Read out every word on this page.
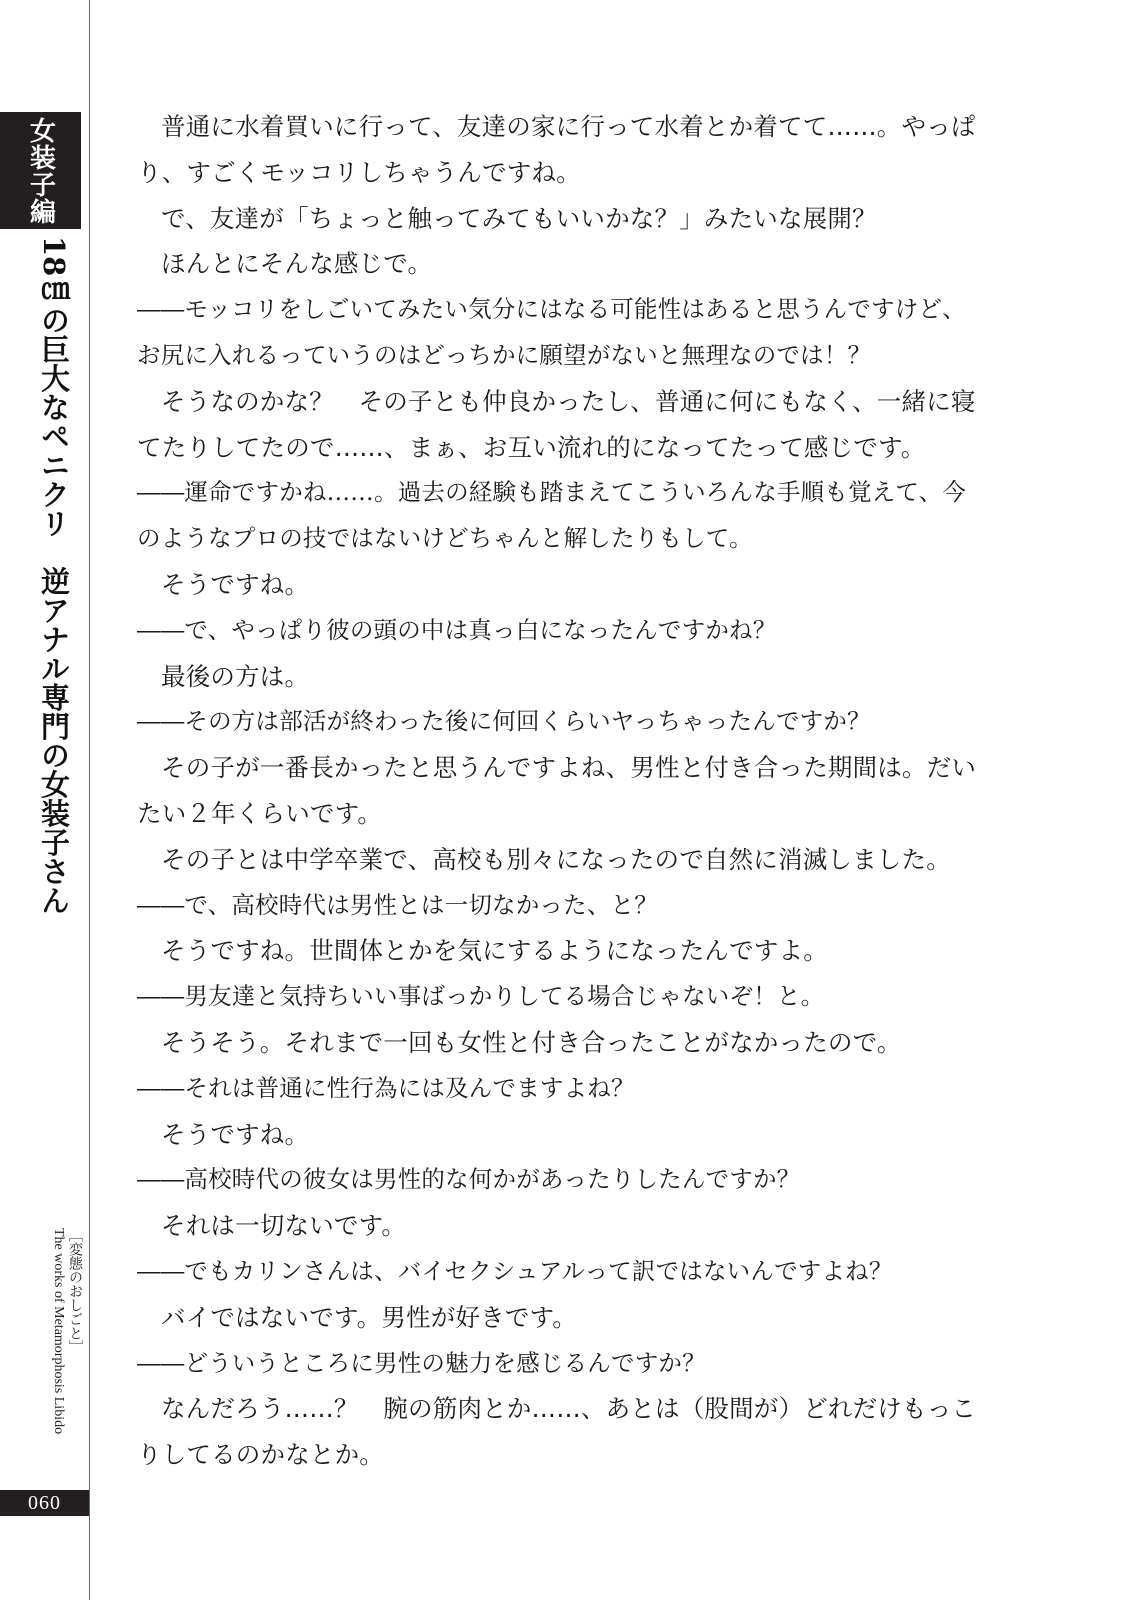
女装子編
18㎝の巨大なペニクリ　逆アナル専門の女装子さん
The works of Metamorphosis Libido ［変態のおしごと］
060

普通に水着買いに行って、友達の家に行って水着とか着てて……。やっぱり、すごくモッコリしちゃうんですね。

で、友達が「ちょっと触ってみてもいいかな？」みたいな展開？

ほんとにそんな感じで。

――モッコリをしごいてみたい気分にはなる可能性はあると思うんですけど、お尻に入れるっていうのはどっちかに願望がないと無理なのでは！？

そうなのかな？　その子とも仲良かったし、普通に何にもなく、一緒に寝てたりしてたので……、まぁ、お互い流れ的になってたって感じです。

――運命ですかね……。過去の経験も踏まえてこういろんな手順も覚えて、今のようなプロの技ではないけどちゃんと解したりもして。

そうですね。

――で、やっぱり彼の頭の中は真っ白になったんですかね？

最後の方は。

――その方は部活が終わった後に何回くらいヤっちゃったんですか？

その子が一番長かったと思うんですよね、男性と付き合った期間は。だいたい２年くらいです。

その子とは中学卒業で、高校も別々になったので自然に消滅しました。

――で、高校時代は男性とは一切なかった、と？

そうですね。世間体とかを気にするようになったんですよ。

――男友達と気持ちいい事ばっかりしてる場合じゃないぞ！と。

そうそう。それまで一回も女性と付き合ったことがなかったので。

――それは普通に性行為には及んでますよね？

そうですね。

――高校時代の彼女は男性的な何かがあったりしたんですか？

それは一切ないです。

――でもカリンさんは、バイセクシュアルって訳ではないんですよね？

バイではないです。男性が好きです。

――どういうところに男性の魅力を感じるんですか？

なんだろう……？　腕の筋肉とか……、あとは（股間が）どれだけもっこりしてるのかなとか。
